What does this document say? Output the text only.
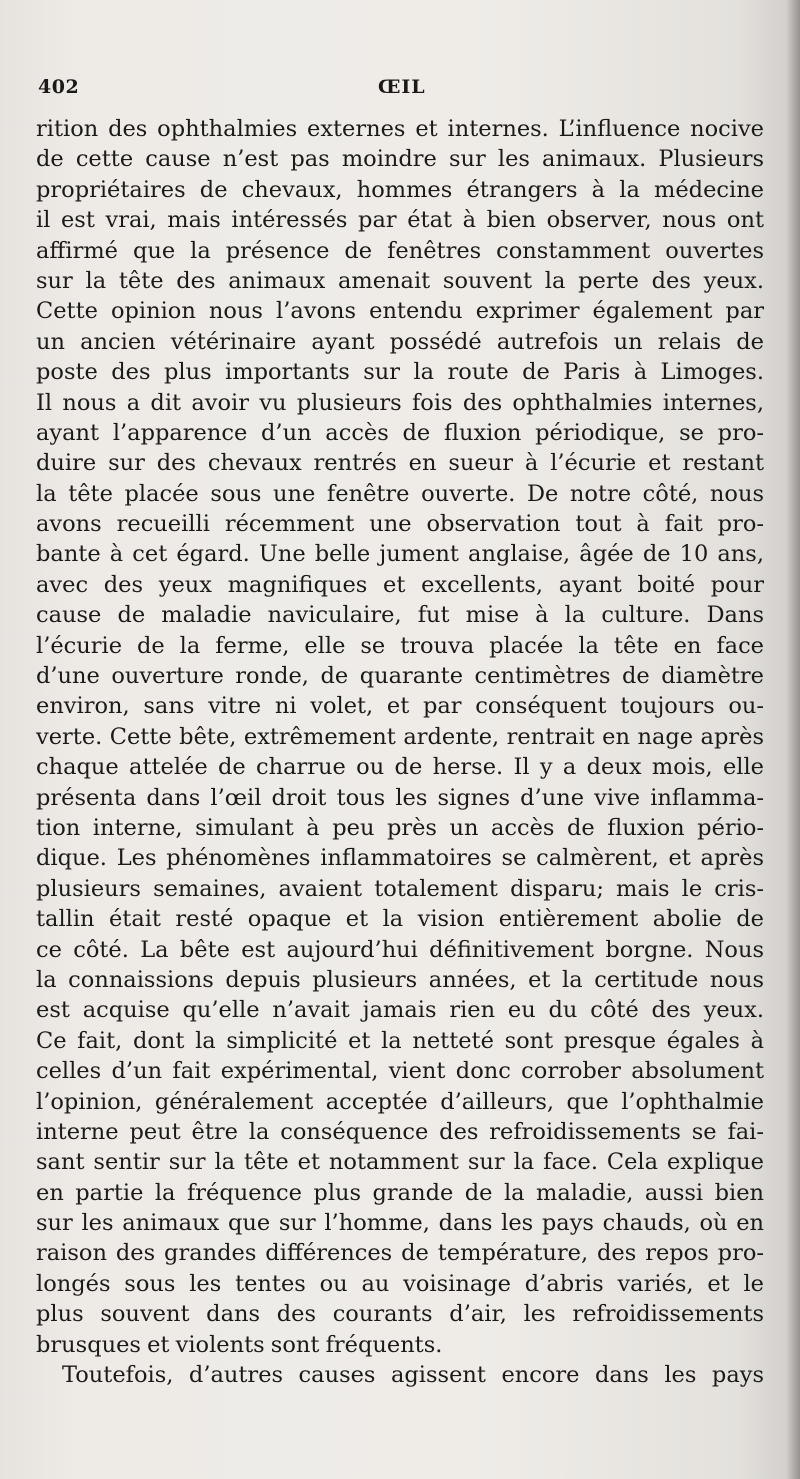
402	ŒIL
rition des ophthalmies externes et internes. L’influence nocive
de cette cause n’est pas moindre sur les animaux. Plusieurs
propriétaires de chevaux, hommes étrangers à la médecine
il est vrai, mais intéressés par état à bien observer, nous ont
affirmé que la présence de fenêtres constamment ouvertes
sur la tête des animaux amenait souvent la perte des yeux.
Cette opinion nous l’avons entendu exprimer également par
un ancien vétérinaire ayant possédé autrefois un relais de
poste des plus importants sur la route de Paris à Limoges.
Il nous a dit avoir vu plusieurs fois des ophthalmies internes,
ayant l’apparence d’un accès de fluxion périodique, se pro-
duire sur des chevaux rentrés en sueur à l’écurie et restant
la tête placée sous une fenêtre ouverte. De notre côté, nous
avons recueilli récemment une observation tout à fait pro-
bante à cet égard. Une belle jument anglaise, âgée de 10 ans,
avec des yeux magnifiques et excellents, ayant boité pour
cause de maladie naviculaire, fut mise à la culture. Dans
l’écurie de la ferme, elle se trouva placée la tête en face
d’une ouverture ronde, de quarante centimètres de diamètre
environ, sans vitre ni volet, et par conséquent toujours ou-
verte. Cette bête, extrêmement ardente, rentrait en nage après
chaque attelée de charrue ou de herse. Il y a deux mois, elle
présenta dans l’œil droit tous les signes d’une vive inflamma-
tion interne, simulant à peu près un accès de fluxion pério-
dique. Les phénomènes inflammatoires se calmèrent, et après
plusieurs semaines, avaient totalement disparu; mais le cris-
tallin était resté opaque et la vision entièrement abolie de
ce côté. La bête est aujourd’hui définitivement borgne. Nous
la connaissions depuis plusieurs années, et la certitude nous
est acquise qu’elle n’avait jamais rien eu du côté des yeux.
Ce fait, dont la simplicité et la netteté sont presque égales à
celles d’un fait expérimental, vient donc corrober absolument
l’opinion, généralement acceptée d’ailleurs, que l’ophthalmie
interne peut être la conséquence des refroidissements se fai-
sant sentir sur la tête et notamment sur la face. Cela explique
en partie la fréquence plus grande de la maladie, aussi bien
sur les animaux que sur l’homme, dans les pays chauds, où en
raison des grandes différences de température, des repos pro-
longés sous les tentes ou au voisinage d’abris variés, et le
plus souvent dans des courants d’air, les refroidissements
brusques et violents sont fréquents.
Toutefois, d’autres causes agissent encore dans les pays
